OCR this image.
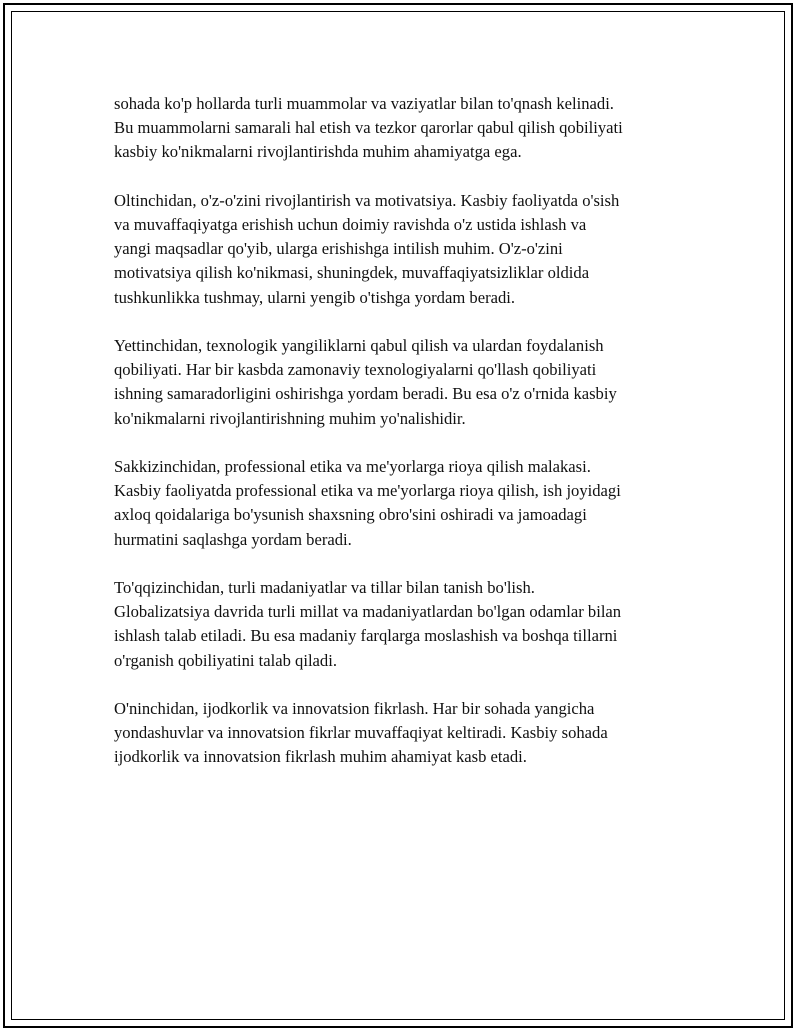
sohada ko'p hollarda turli muammolar va vaziyatlar bilan to'qnash kelinadi.
Bu muammolarni samarali hal etish va tezkor qarorlar qabul qilish qobiliyati
kasbiy ko'nikmalarni rivojlantirishda muhim ahamiyatga ega.

Oltinchidan, o'z-o'zini rivojlantirish va motivatsiya. Kasbiy faoliyatda o'sish
va muvaffaqiyatga erishish uchun doimiy ravishda o'z ustida ishlash va
yangi maqsadlar qo'yib, ularga erishishga intilish muhim. O'z-o'zini
motivatsiya qilish ko'nikmasi, shuningdek, muvaffaqiyatsizliklar oldida
tushkunlikka tushmay, ularni yengib o'tishga yordam beradi.

Yettinchidan, texnologik yangiliklarni qabul qilish va ulardan foydalanish
qobiliyati. Har bir kasbda zamonaviy texnologiyalarni qo'llash qobiliyati
ishning samaradorligini oshirishga yordam beradi. Bu esa o'z o'rnida kasbiy
ko'nikmalarni rivojlantirishning muhim yo'nalishidir.

Sakkizinchidan, professional etika va me'yorlarga rioya qilish malakasi.
Kasbiy faoliyatda professional etika va me'yorlarga rioya qilish, ish joyidagi
axloq qoidalariga bo'ysunish shaxsning obro'sini oshiradi va jamoadagi
hurmatini saqlashga yordam beradi.

To'qqizinchidan, turli madaniyatlar va tillar bilan tanish bo'lish.
Globalizatsiya davrida turli millat va madaniyatlardan bo'lgan odamlar bilan
ishlash talab etiladi. Bu esa madaniy farqlarga moslashish va boshqa tillarni
o'rganish qobiliyatini talab qiladi.

O'ninchidan, ijodkorlik va innovatsion fikrlash. Har bir sohada yangicha
yondashuvlar va innovatsion fikrlar muvaffaqiyat keltiradi. Kasbiy sohada
ijodkorlik va innovatsion fikrlash muhim ahamiyat kasb etadi.
